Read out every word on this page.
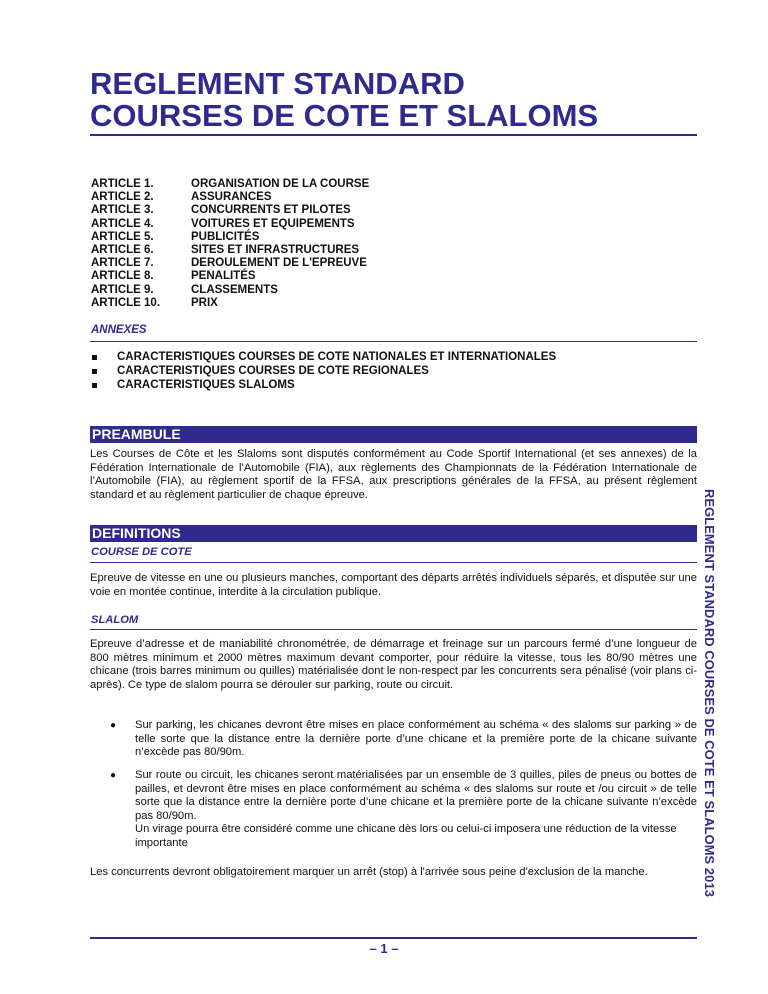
REGLEMENT STANDARD
COURSES DE COTE ET SLALOMS
ARTICLE 1.	ORGANISATION DE LA COURSE
ARTICLE 2.	ASSURANCES
ARTICLE 3.	CONCURRENTS ET PILOTES
ARTICLE 4.	VOITURES ET EQUIPEMENTS
ARTICLE 5.	PUBLICITÉS
ARTICLE 6.	SITES ET INFRASTRUCTURES
ARTICLE 7.	DEROULEMENT DE L'EPREUVE
ARTICLE 8.	PENALITÉS
ARTICLE 9.	CLASSEMENTS
ARTICLE 10.	PRIX
ANNEXES
CARACTERISTIQUES COURSES DE COTE NATIONALES ET INTERNATIONALES
CARACTERISTIQUES COURSES DE COTE REGIONALES
CARACTERISTIQUES SLALOMS
PREAMBULE
Les Courses de Côte et les Slaloms sont disputés conformément au Code Sportif International (et ses annexes) de la Fédération Internationale de l’Automobile (FIA), aux règlements des Championnats de la Fédération Internationale de l’Automobile (FIA), au règlement sportif de la FFSA, aux prescriptions générales de la FFSA, au présent règlement standard et au règlement particulier de chaque épreuve.
DEFINITIONS
COURSE DE COTE
Epreuve de vitesse en une ou plusieurs manches, comportant des départs arrêtés individuels séparés, et disputée sur une voie en montée continue, interdite à la circulation publique.
SLALOM
Epreuve d’adresse et de maniabilité chronométrée, de démarrage et freinage sur un parcours fermé d’une longueur de 800 mètres minimum et 2000 mètres maximum devant comporter, pour réduire la vitesse, tous les 80/90 mètres une chicane (trois barres minimum ou quilles) matérialisée dont le non-respect par les concurrents sera pénalisé (voir plans ci-après). Ce type de slalom pourra se dérouler sur parking, route ou circuit.
●	Sur parking, les chicanes devront être mises en place conformément au schéma « des slaloms sur parking » de telle sorte que la distance entre la dernière porte d’une chicane et la première porte de la chicane suivante n’excède pas 80/90m.
●	Sur route ou circuit, les chicanes seront matérialisées par un ensemble de 3 quilles, piles de pneus ou bottes de pailles, et devront être mises en place conformément au schéma « des slaloms sur route et /ou circuit » de telle sorte que la distance entre la dernière porte d’une chicane et la première porte de la chicane suivante n’excède pas 80/90m.
Un virage pourra être considéré comme une chicane dès lors ou celui-ci imposera une réduction de la vitesse importante
Les concurrents devront obligatoirement marquer un arrêt (stop) à l'arrivée sous peine d'exclusion de la manche.
– 1 –
REGLEMENT STANDARD COURSES DE COTE ET SLALOMS 2013
